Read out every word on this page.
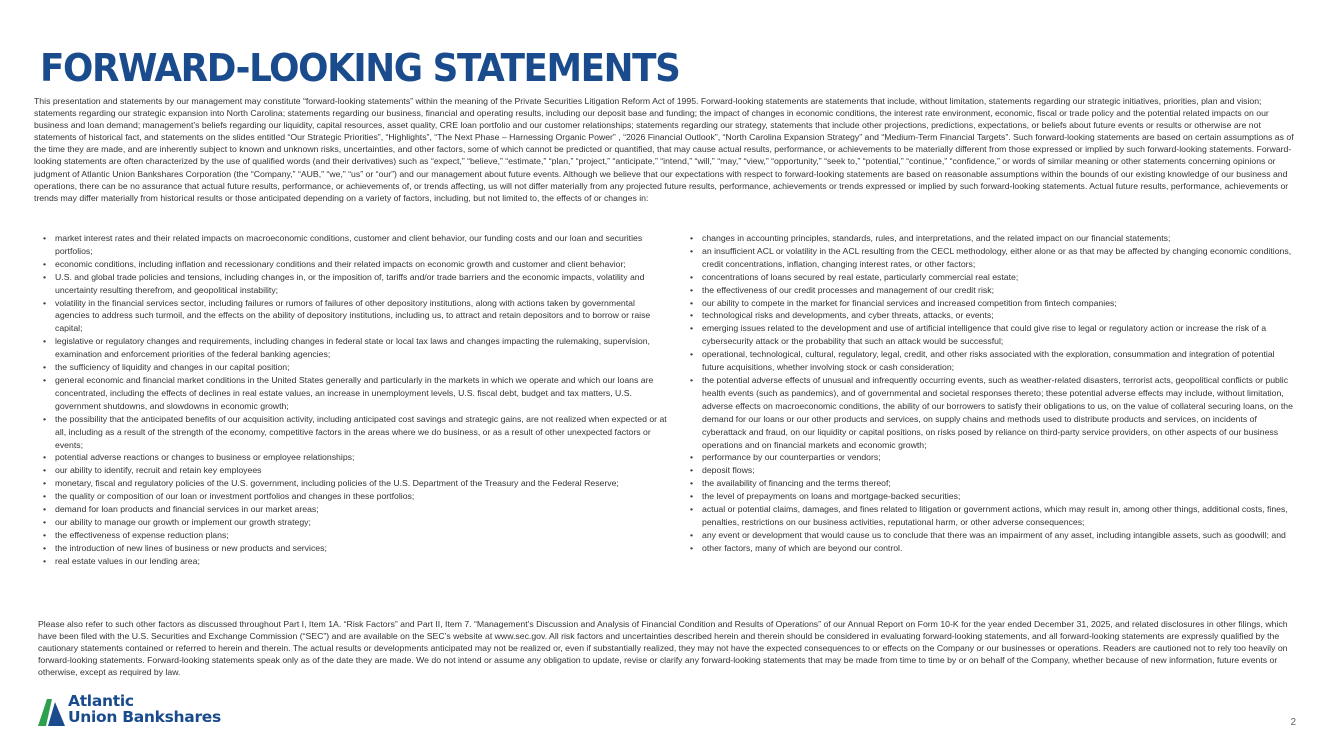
FORWARD-LOOKING STATEMENTS

This presentation and statements by our management may constitute “forward-looking statements” within the meaning of the Private Securities Litigation Reform Act of 1995. Forward-looking statements are statements that include, without limitation, statements regarding our strategic initiatives, priorities, plan and vision; statements regarding our strategic expansion into North Carolina; statements regarding our business, financial and operating results, including our deposit base and funding; the impact of changes in economic conditions, the interest rate environment, economic, fiscal or trade policy and the potential related impacts on our business and loan demand; management’s beliefs regarding our liquidity, capital resources, asset quality, CRE loan portfolio and our customer relationships; statements regarding our strategy, statements that include other projections, predictions, expectations, or beliefs about future events or results or otherwise are not statements of historical fact, and statements on the slides entitled “Our Strategic Priorities”, “Highlights”, “The Next Phase – Harnessing Organic Power” , “2026 Financial Outlook”, “North Carolina Expansion Strategy” and “Medium-Term Financial Targets”. Such forward-looking statements are based on certain assumptions as of the time they are made, and are inherently subject to known and unknown risks, uncertainties, and other factors, some of which cannot be predicted or quantified, that may cause actual results, performance, or achievements to be materially different from those expressed or implied by such forward-looking statements. Forward-looking statements are often characterized by the use of qualified words (and their derivatives) such as “expect,” “believe,” “estimate,” “plan,” “project,” “anticipate,” “intend,” “will,” “may,” “view,” “opportunity,” “seek to,” “potential,” “continue,” “confidence,” or words of similar meaning or other statements concerning opinions or judgment of Atlantic Union Bankshares Corporation (the “Company,” “AUB,” “we,” “us” or “our”) and our management about future events. Although we believe that our expectations with respect to forward-looking statements are based on reasonable assumptions within the bounds of our existing knowledge of our business and operations, there can be no assurance that actual future results, performance, or achievements of, or trends affecting, us will not differ materially from any projected future results, performance, achievements or trends expressed or implied by such forward-looking statements. Actual future results, performance, achievements or trends may differ materially from historical results or those anticipated depending on a variety of factors, including, but not limited to, the effects of or changes in:

• market interest rates and their related impacts on macroeconomic conditions, customer and client behavior, our funding costs and our loan and securities portfolios;
• economic conditions, including inflation and recessionary conditions and their related impacts on economic growth and customer and client behavior;
• U.S. and global trade policies and tensions, including changes in, or the imposition of, tariffs and/or trade barriers and the economic impacts, volatility and uncertainty resulting therefrom, and geopolitical instability;
• volatility in the financial services sector, including failures or rumors of failures of other depository institutions, along with actions taken by governmental agencies to address such turmoil, and the effects on the ability of depository institutions, including us, to attract and retain depositors and to borrow or raise capital;
• legislative or regulatory changes and requirements, including changes in federal state or local tax laws and changes impacting the rulemaking, supervision, examination and enforcement priorities of the federal banking agencies;
• the sufficiency of liquidity and changes in our capital position;
• general economic and financial market conditions in the United States generally and particularly in the markets in which we operate and which our loans are concentrated, including the effects of declines in real estate values, an increase in unemployment levels, U.S. fiscal debt, budget and tax matters, U.S. government shutdowns, and slowdowns in economic growth;
• the possibility that the anticipated benefits of our acquisition activity, including anticipated cost savings and strategic gains, are not realized when expected or at all, including as a result of the strength of the economy, competitive factors in the areas where we do business, or as a result of other unexpected factors or events;
• potential adverse reactions or changes to business or employee relationships;
• our ability to identify, recruit and retain key employees
• monetary, fiscal and regulatory policies of the U.S. government, including policies of the U.S. Department of the Treasury and the Federal Reserve;
• the quality or composition of our loan or investment portfolios and changes in these portfolios;
• demand for loan products and financial services in our market areas;
• our ability to manage our growth or implement our growth strategy;
• the effectiveness of expense reduction plans;
• the introduction of new lines of business or new products and services;
• real estate values in our lending area;
• changes in accounting principles, standards, rules, and interpretations, and the related impact on our financial statements;
• an insufficient ACL or volatility in the ACL resulting from the CECL methodology, either alone or as that may be affected by changing economic conditions, credit concentrations, inflation, changing interest rates, or other factors;
• concentrations of loans secured by real estate, particularly commercial real estate;
• the effectiveness of our credit processes and management of our credit risk;
• our ability to compete in the market for financial services and increased competition from fintech companies;
• technological risks and developments, and cyber threats, attacks, or events;
• emerging issues related to the development and use of artificial intelligence that could give rise to legal or regulatory action or increase the risk of a cybersecurity attack or the probability that such an attack would be successful;
• operational, technological, cultural, regulatory, legal, credit, and other risks associated with the exploration, consummation and integration of potential future acquisitions, whether involving stock or cash consideration;
• the potential adverse effects of unusual and infrequently occurring events, such as weather-related disasters, terrorist acts, geopolitical conflicts or public health events (such as pandemics), and of governmental and societal responses thereto; these potential adverse effects may include, without limitation, adverse effects on macroeconomic conditions, the ability of our borrowers to satisfy their obligations to us, on the value of collateral securing loans, on the demand for our loans or our other products and services, on supply chains and methods used to distribute products and services, on incidents of cyberattack and fraud, on our liquidity or capital positions, on risks posed by reliance on third-party service providers, on other aspects of our business operations and on financial markets and economic growth;
• performance by our counterparties or vendors;
• deposit flows;
• the availability of financing and the terms thereof;
• the level of prepayments on loans and mortgage-backed securities;
• actual or potential claims, damages, and fines related to litigation or government actions, which may result in, among other things, additional costs, fines, penalties, restrictions on our business activities, reputational harm, or other adverse consequences;
• any event or development that would cause us to conclude that there was an impairment of any asset, including intangible assets, such as goodwill; and
• other factors, many of which are beyond our control.

Please also refer to such other factors as discussed throughout Part I, Item 1A. “Risk Factors” and Part II, Item 7. “Management’s Discussion and Analysis of Financial Condition and Results of Operations” of our Annual Report on Form 10-K for the year ended December 31, 2025, and related disclosures in other filings, which have been filed with the U.S. Securities and Exchange Commission (“SEC”) and are available on the SEC’s website at www.sec.gov. All risk factors and uncertainties described herein and therein should be considered in evaluating forward-looking statements, and all forward-looking statements are expressly qualified by the cautionary statements contained or referred to herein and therein. The actual results or developments anticipated may not be realized or, even if substantially realized, they may not have the expected consequences to or effects on the Company or our businesses or operations. Readers are cautioned not to rely too heavily on forward-looking statements. Forward-looking statements speak only as of the date they are made. We do not intend or assume any obligation to update, revise or clarify any forward-looking statements that may be made from time to time by or on behalf of the Company, whether because of new information, future events or otherwise, except as required by law.

Atlantic
Union Bankshares	2
